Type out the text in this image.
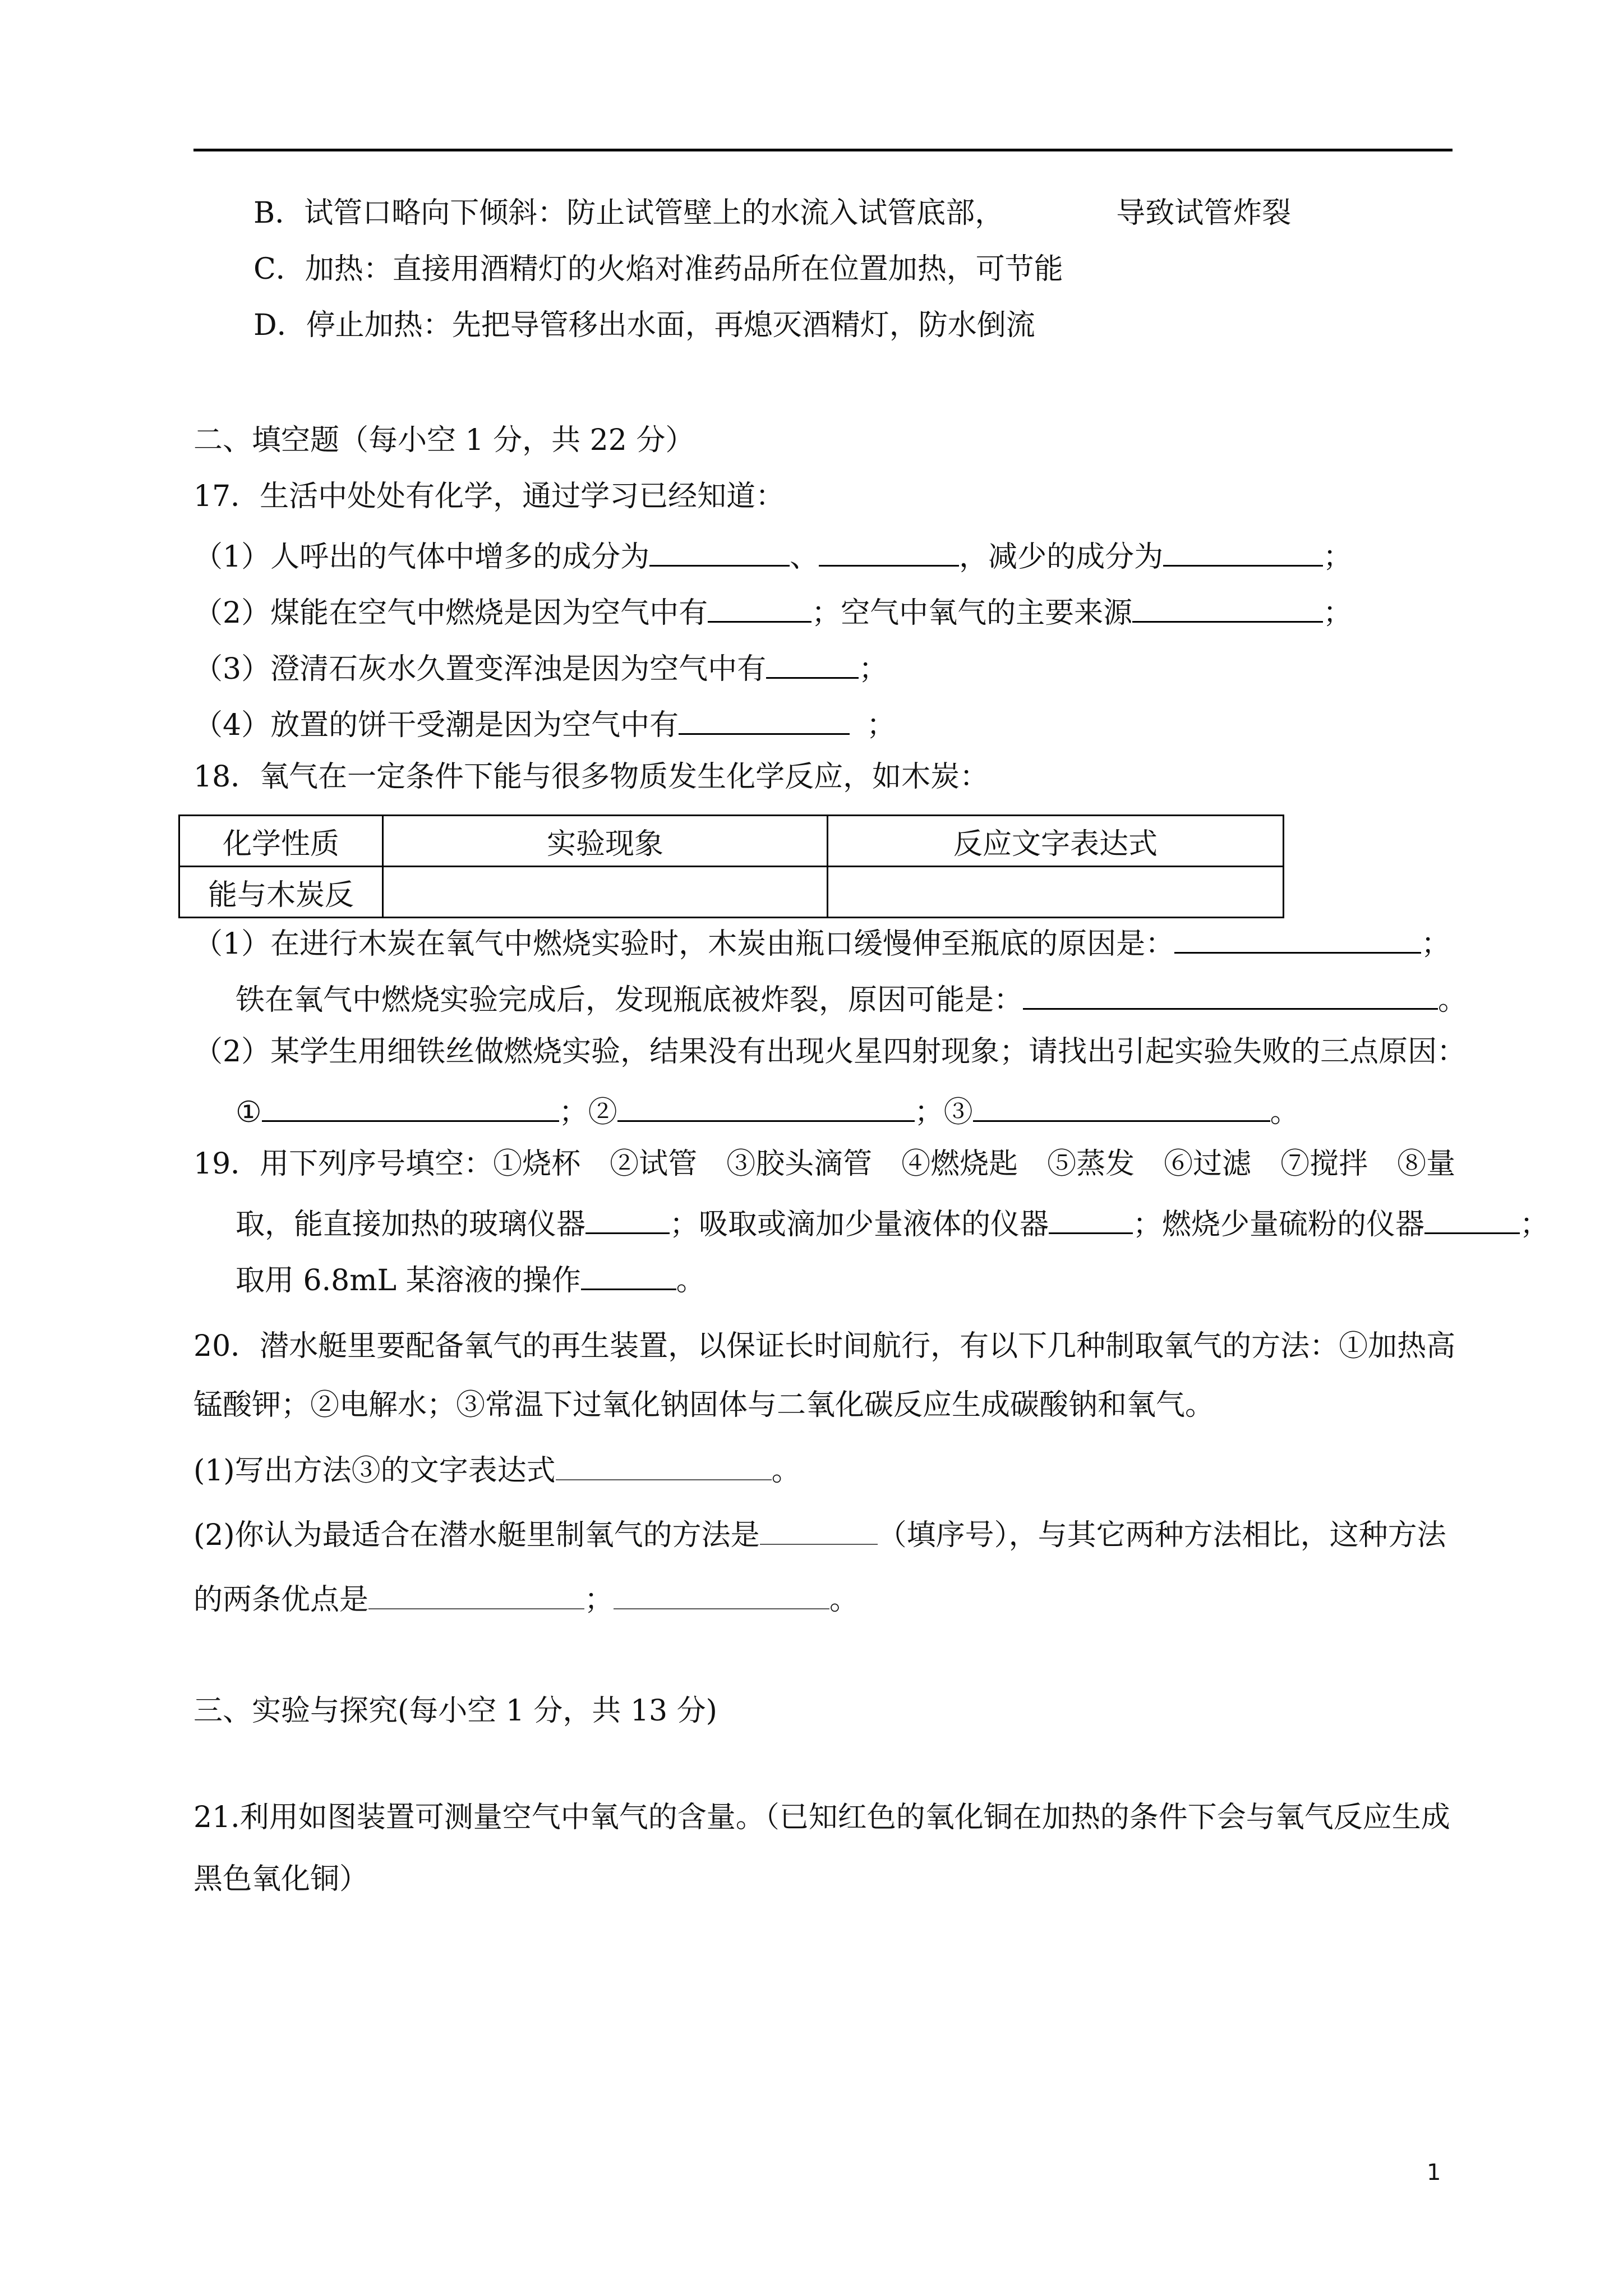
B．试管口略向下倾斜：防止试管壁上的水流入试管底部，	导致试管炸裂
C．加热：直接用酒精灯的火焰对准药品所在位置加热，可节能
D．停止加热：先把导管移出水面，再熄灭酒精灯，防水倒流
二、填空题（每小空 1 分，共 22 分）
17．生活中处处有化学，通过学习已经知道：
（1）人呼出的气体中增多的成分为	、	，减少的成分为	；
（2）煤能在空气中燃烧是因为空气中有	；空气中氧气的主要来源	；
（3）澄清石灰水久置变浑浊是因为空气中有	；
（4）放置的饼干受潮是因为空气中有	；
18．氧气在一定条件下能与很多物质发生化学反应，如木炭：
化学性质	实验现象	反应文字表达式
能与木炭反		
（1）在进行木炭在氧气中燃烧实验时，木炭由瓶口缓慢伸至瓶底的原因是：	；
铁在氧气中燃烧实验完成后，发现瓶底被炸裂，原因可能是：	。
（2）某学生用细铁丝做燃烧实验，结果没有出现火星四射现象；请找出引起实验失败的三点原因：
①	；②	；③	。
19．用下列序号填空：①烧杯　②试管　③胶头滴管　④燃烧匙　⑤蒸发　⑥过滤　⑦搅拌　⑧量
取，能直接加热的玻璃仪器	；吸取或滴加少量液体的仪器	；燃烧少量硫粉的仪器	；
取用 6.8mL 某溶液的操作	。
20．潜水艇里要配备氧气的再生装置，以保证长时间航行，有以下几种制取氧气的方法：①加热高
锰酸钾；②电解水；③常温下过氧化钠固体与二氧化碳反应生成碳酸钠和氧气。
(1)写出方法③的文字表达式	。
(2)你认为最适合在潜水艇里制氧气的方法是	（填序号），与其它两种方法相比，这种方法
的两条优点是	；	。
三、实验与探究(每小空 1 分，共 13 分)
21.利用如图装置可测量空气中氧气的含量。（已知红色的氧化铜在加热的条件下会与氧气反应生成
黑色氧化铜）
1
